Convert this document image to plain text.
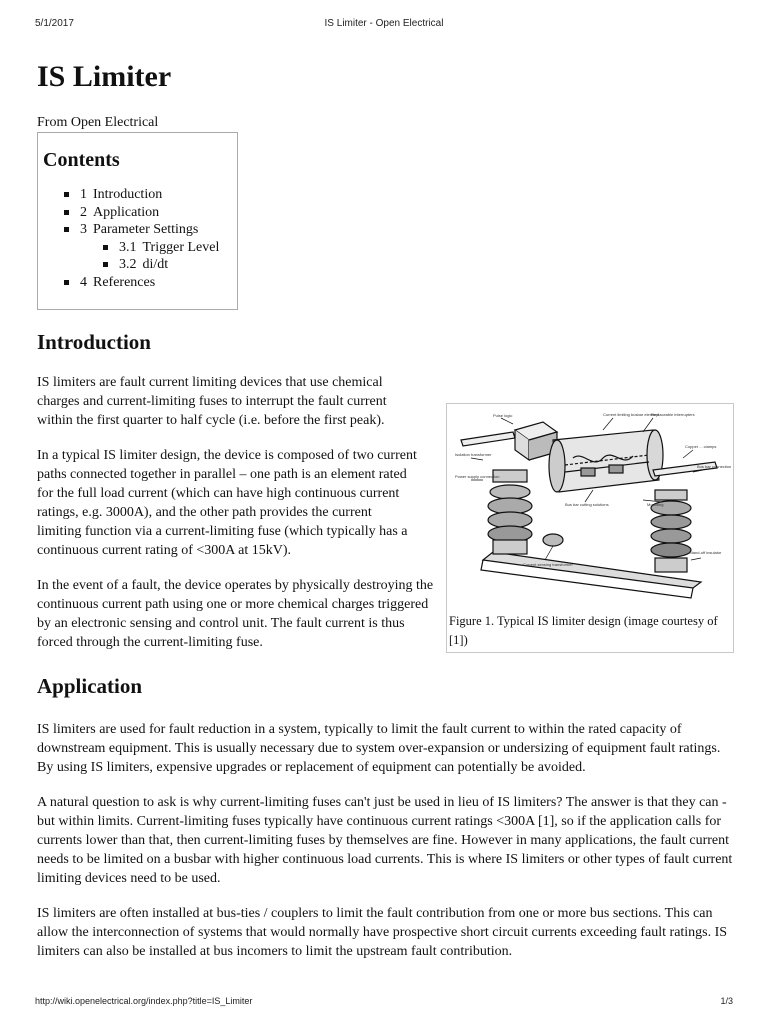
5/1/2017	IS Limiter - Open Electrical
IS Limiter
From Open Electrical
Contents
1 Introduction
2 Application
3 Parameter Settings
3.1 Trigger Level
3.2 di/dt
4 References
Introduction

IS limiters are fault current limiting devices that use chemical charges and current-limiting fuses to interrupt the fault current within the first quarter to half cycle (i.e. before the first peak).

In a typical IS limiter design, the device is composed of two current paths connected together in parallel – one path is an element rated for the full load current (which can have high continuous current ratings, e.g. 3000A), and the other path provides the current limiting function via a current-limiting fuse (which typically has a continuous current rating of <300A at 15kV).

In the event of a fault, the device operates by physically destroying the continuous current path using one or more chemical charges triggered by an electronic sensing and control unit. The fault current is thus forced through the current-limiting fuse.

Application

IS limiters are used for fault reduction in a system, typically to limit the fault current to within the rated capacity of downstream equipment. This is usually necessary due to system over-expansion or undersizing of equipment fault ratings. By using IS limiters, expensive upgrades or replacement of equipment can potentially be avoided.

A natural question to ask is why current-limiting fuses can't just be used in lieu of IS limiters? The answer is that they can - but within limits. Current-limiting fuses typically have continuous current ratings <300A [1], so if the application calls for currents lower than that, then current-limiting fuses by themselves are fine. However in many applications, the fault current needs to be limited on a busbar with higher continuous load currents. This is where IS limiters or other types of fault current limiting devices need to be used.

IS limiters are often installed at bus-ties / couplers to limit the fault contribution from one or more bus sections. This can allow the interconnection of systems that would normally have prospective short circuit currents exceeding fault ratings. IS limiters can also be installed at bus incomers to limit the upstream fault contribution.

Pulse logic	Current limiting busbar element
Replaceable interrupters
Isolation transformer
Power supply connection
Bus bar cutting solutions
Copper ... clamps
Bus bar connection
Mounting
Current sensing transformer
Stand-off insulator
Figure 1. Typical IS limiter design (image courtesy of [1])
http://wiki.openelectrical.org/index.php?title=IS_Limiter	1/3
